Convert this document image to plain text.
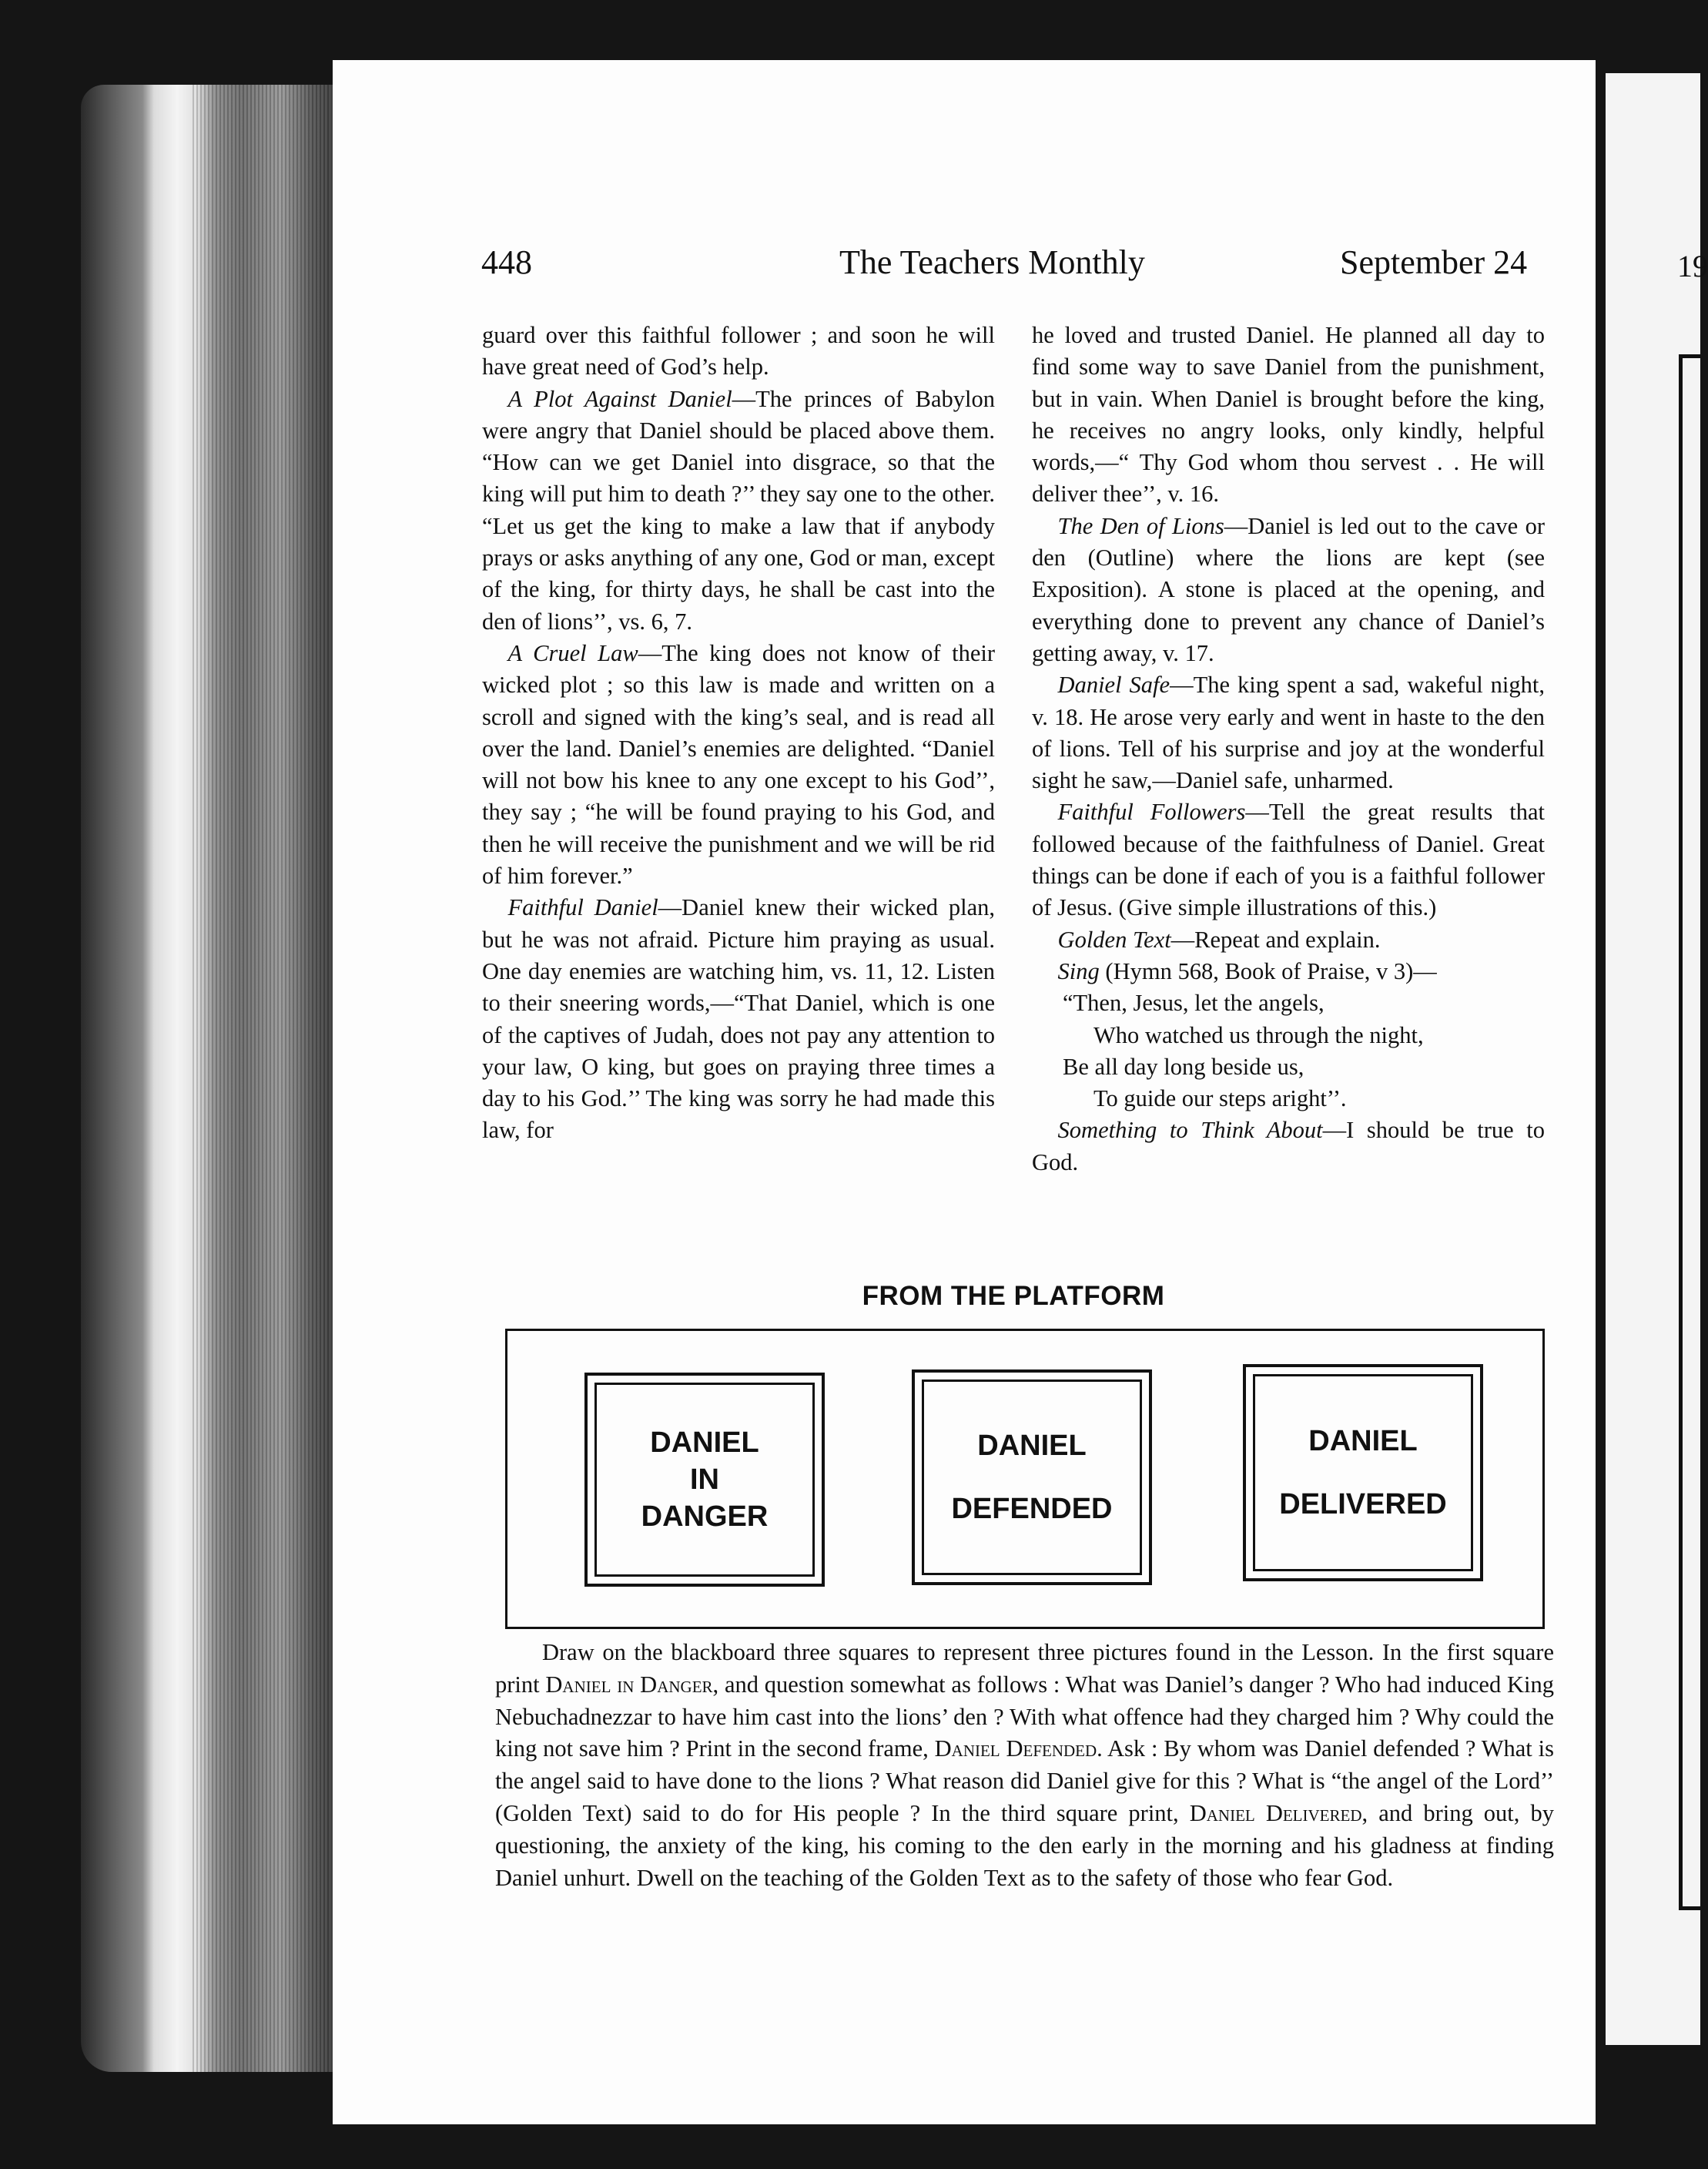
19
448	The Teachers Monthly	September 24

guard over this faithful follower ; and soon he will have great need of God’s help.

A Plot Against Daniel—The princes of Babylon were angry that Daniel should be placed above them. “How can we get Daniel into disgrace, so that the king will put him to death ?’’ they say one to the other. “Let us get the king to make a law that if anybody prays or asks anything of any one, God or man, except of the king, for thirty days, he shall be cast into the den of lions’’, vs. 6, 7.

A Cruel Law—The king does not know of their wicked plot ; so this law is made and written on a scroll and signed with the king’s seal, and is read all over the land. Daniel’s enemies are delighted. “Daniel will not bow his knee to any one except to his God’’, they say ; “he will be found praying to his God, and then he will receive the punishment and we will be rid of him forever.”

Faithful Daniel—Daniel knew their wicked plan, but he was not afraid. Picture him praying as usual. One day enemies are watching him, vs. 11, 12. Listen to their sneering words,—“That Daniel, which is one of the captives of Judah, does not pay any attention to your law, O king, but goes on praying three times a day to his God.’’ The king was sorry he had made this law, for

he loved and trusted Daniel. He planned all day to find some way to save Daniel from the punishment, but in vain. When Daniel is brought before the king, he receives no angry looks, only kindly, helpful words,—“ Thy God whom thou servest . . He will deliver thee’’, v. 16.

The Den of Lions—Daniel is led out to the cave or den (Outline) where the lions are kept (see Exposition). A stone is placed at the opening, and everything done to prevent any chance of Daniel’s getting away, v. 17.

Daniel Safe—The king spent a sad, wakeful night, v. 18. He arose very early and went in haste to the den of lions. Tell of his surprise and joy at the wonderful sight he saw,—Daniel safe, unharmed.

Faithful Followers—Tell the great results that followed because of the faithfulness of Daniel. Great things can be done if each of you is a faithful follower of Jesus. (Give simple illustrations of this.)

Golden Text—Repeat and explain.

Sing (Hymn 568, Book of Praise, v 3)—

“Then, Jesus, let the angels,

Who watched us through the night,

Be all day long beside us,

To guide our steps aright’’.

Something to Think About—I should be true to God.

FROM THE PLATFORM
DANIEL
IN
DANGER
DANIEL
DEFENDED
DANIEL
DELIVERED

Draw on the blackboard three squares to represent three pictures found in the Lesson. In the first square print Daniel in Danger, and question somewhat as follows : What was Daniel’s danger ? Who had induced King Nebuchadnezzar to have him cast into the lions’ den ? With what offence had they charged him ? Why could the king not save him ? Print in the second frame, Daniel Defended. Ask : By whom was Daniel defended ? What is the angel said to have done to the lions ? What reason did Daniel give for this ? What is “the angel of the Lord’’ (Golden Text) said to do for His people ? In the third square print, Daniel Delivered, and bring out, by questioning, the anxiety of the king, his coming to the den early in the morning and his gladness at finding Daniel unhurt. Dwell on the teaching of the Golden Text as to the safety of those who fear God.
